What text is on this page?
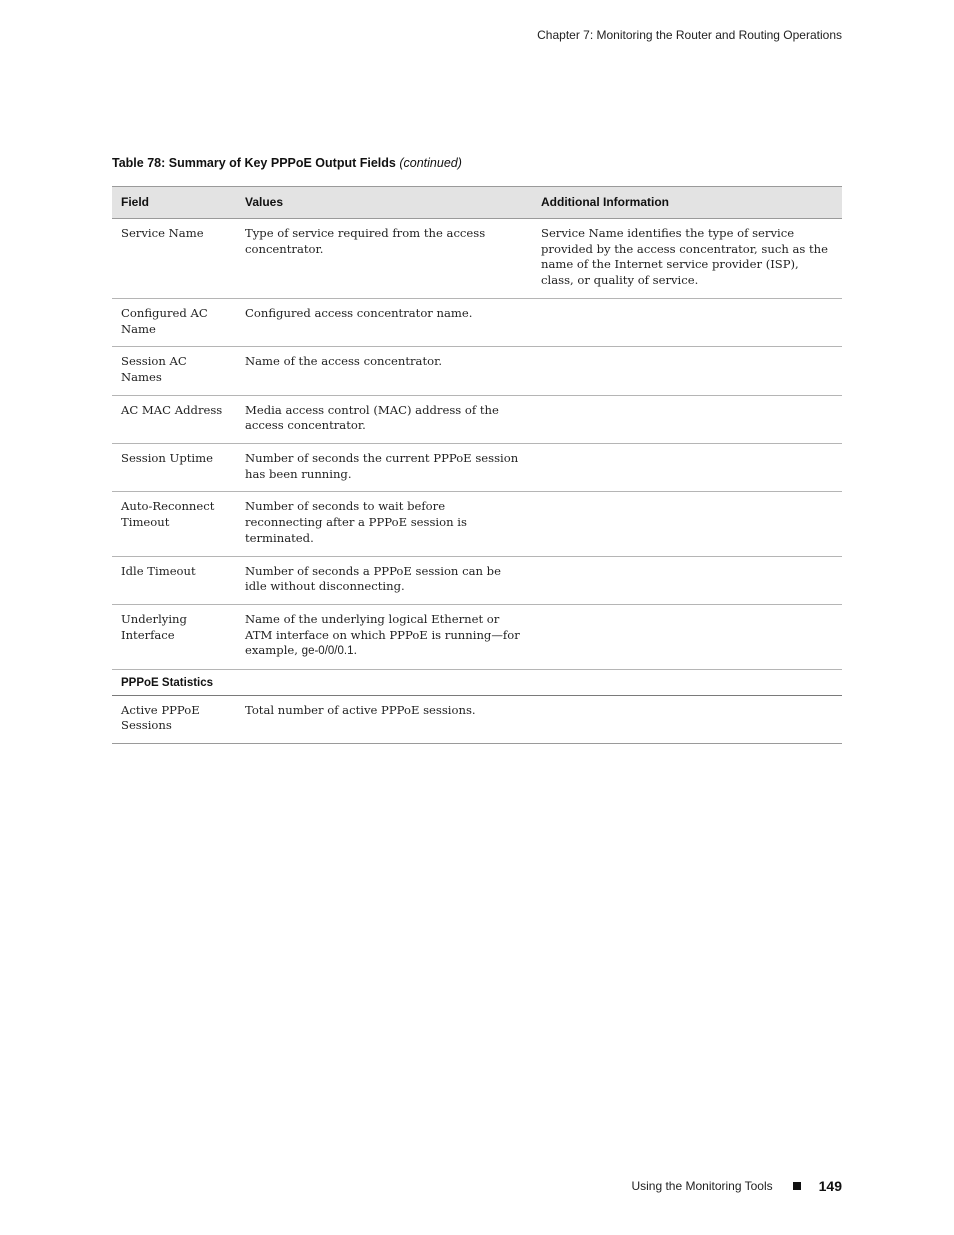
Chapter 7: Monitoring the Router and Routing Operations
Table 78: Summary of Key PPPoE Output Fields (continued)
Field	Values	Additional Information
Service Name	Type of service required from the access concentrator.	Service Name identifies the type of service provided by the access concentrator, such as the name of the Internet service provider (ISP), class, or quality of service.
Configured AC Name	Configured access concentrator name.	
Session AC Names	Name of the access concentrator.	
AC MAC Address	Media access control (MAC) address of the access concentrator.	
Session Uptime	Number of seconds the current PPPoE session has been running.	
Auto-Reconnect Timeout	Number of seconds to wait before reconnecting after a PPPoE session is terminated.	
Idle Timeout	Number of seconds a PPPoE session can be idle without disconnecting.	
Underlying Interface	Name of the underlying logical Ethernet or ATM interface on which PPPoE is running—for example, ge-0/0/0.1.	
PPPoE Statistics		
Active PPPoE Sessions	Total number of active PPPoE sessions.	
Using the Monitoring Tools	149
